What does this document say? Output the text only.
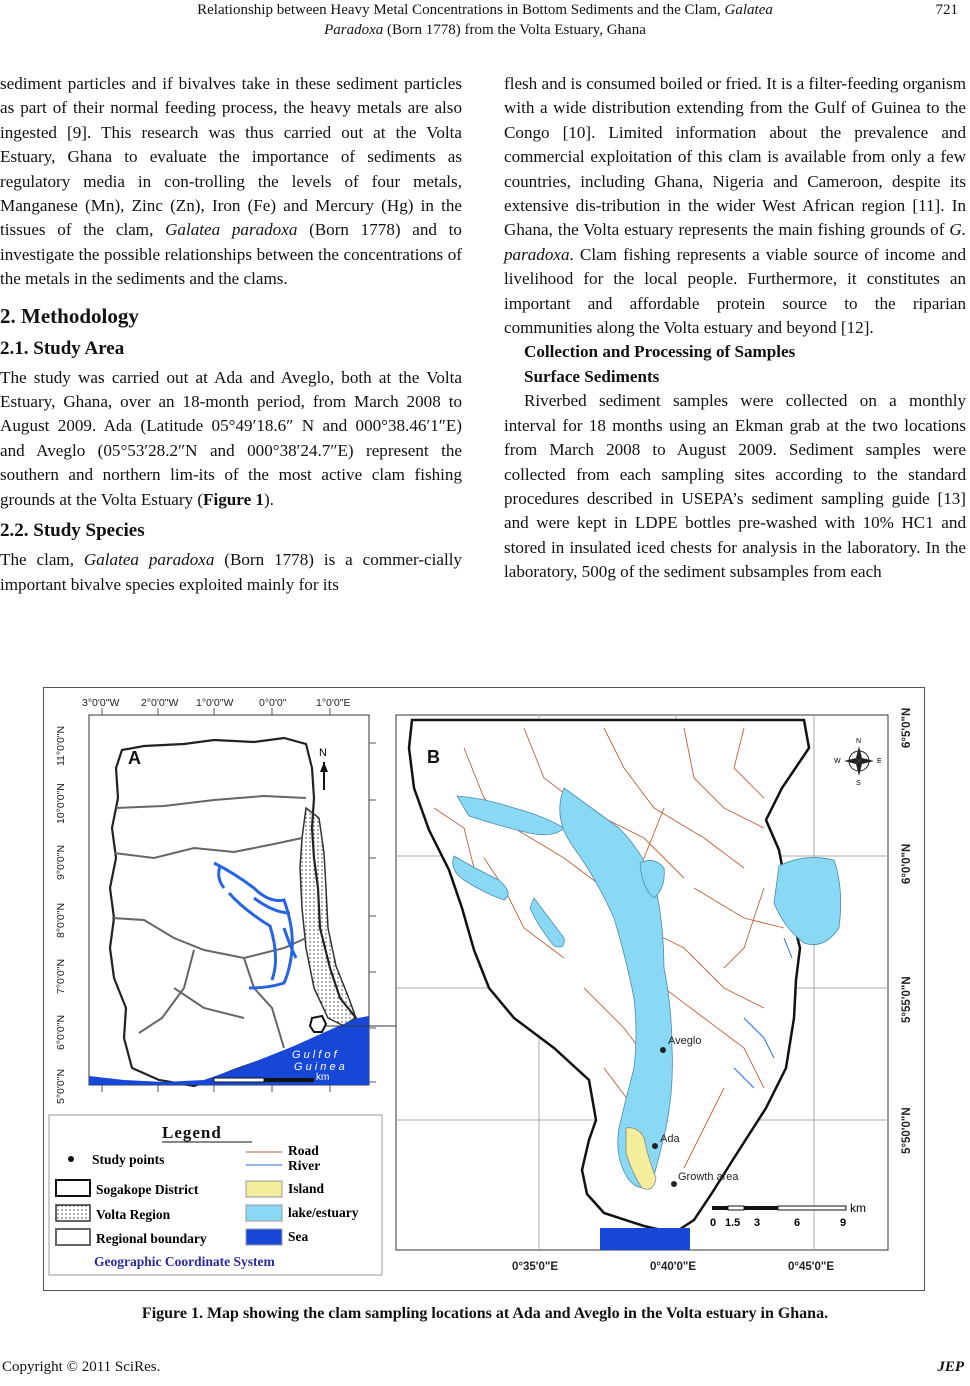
Relationship between Heavy Metal Concentrations in Bottom Sediments and the Clam, Galatea
Paradoxa (Born 1778) from the Volta Estuary, Ghana
721

sediment particles and if bivalves take in these sediment particles as part of their normal feeding process, the heavy metals are also ingested [9]. This research was thus carried out at the Volta Estuary, Ghana to evaluate the importance of sediments as regulatory media in con-trolling the levels of four metals, Manganese (Mn), Zinc (Zn), Iron (Fe) and Mercury (Hg) in the tissues of the clam, Galatea paradoxa (Born 1778) and to investigate the possible relationships between the concentrations of the metals in the sediments and the clams.

2. Methodology
2.1. Study Area

The study was carried out at Ada and Aveglo, both at the Volta Estuary, Ghana, over an 18-month period, from March 2008 to August 2009. Ada (Latitude 05°49′18.6″ N and 000°38.46′1″E) and Aveglo (05°53′28.2″N and 000°38′24.7″E) represent the southern and northern lim-its of the most active clam fishing grounds at the Volta Estuary (Figure 1).

2.2. Study Species

The clam, Galatea paradoxa (Born 1778) is a commer-cially important bivalve species exploited mainly for its

flesh and is consumed boiled or fried. It is a filter-feeding organism with a wide distribution extending from the Gulf of Guinea to the Congo [10]. Limited information about the prevalence and commercial exploitation of this clam is available from only a few countries, including Ghana, Nigeria and Cameroon, despite its extensive dis-tribution in the wider West African region [11]. In Ghana, the Volta estuary represents the main fishing grounds of G. paradoxa. Clam fishing represents a viable source of income and livelihood for the local people. Furthermore, it constitutes an important and affordable protein source to the riparian communities along the Volta estuary and beyond [12].

Collection and Processing of Samples
Surface Sediments

Riverbed sediment samples were collected on a monthly interval for 18 months using an Ekman grab at the two locations from March 2008 to August 2009. Sediment samples were collected from each sampling sites according to the standard procedures described in USEPA’s sediment sampling guide [13] and were kept in LDPE bottles pre-washed with 10% HC1 and stored in insulated iced chests for analysis in the laboratory. In the laboratory, 500g of the sediment subsamples from each

3°0'0"W 2°0'0"W 1°0'0"W 0°0'0"	1°0'0"E
11°0'0"N
10°0'0"N
9°0'0"N
8°0'0"N
7°0'0"N
6°0'0"N
5°0'0"N
A	N
G u l f o f
G u i n e a
km
0 45 90	180
Legend
Study points
Sogakope District
Volta Region
Regional boundary
Road
River
Island
lake/estuary
Sea
Geographic Coordinate System
Aveglo
Ada
Growth area
B
N
S
E
W
km
0 1.5 3	6	9
0°35'0"E	0°40'0"E	0°45'0"E
6°5'0"N
6°0'0"N
5°55'0"N
5°50'0"N
Figure 1. Map showing the clam sampling locations at Ada and Aveglo in the Volta estuary in Ghana.
Copyright © 2011 SciRes.	JEP
